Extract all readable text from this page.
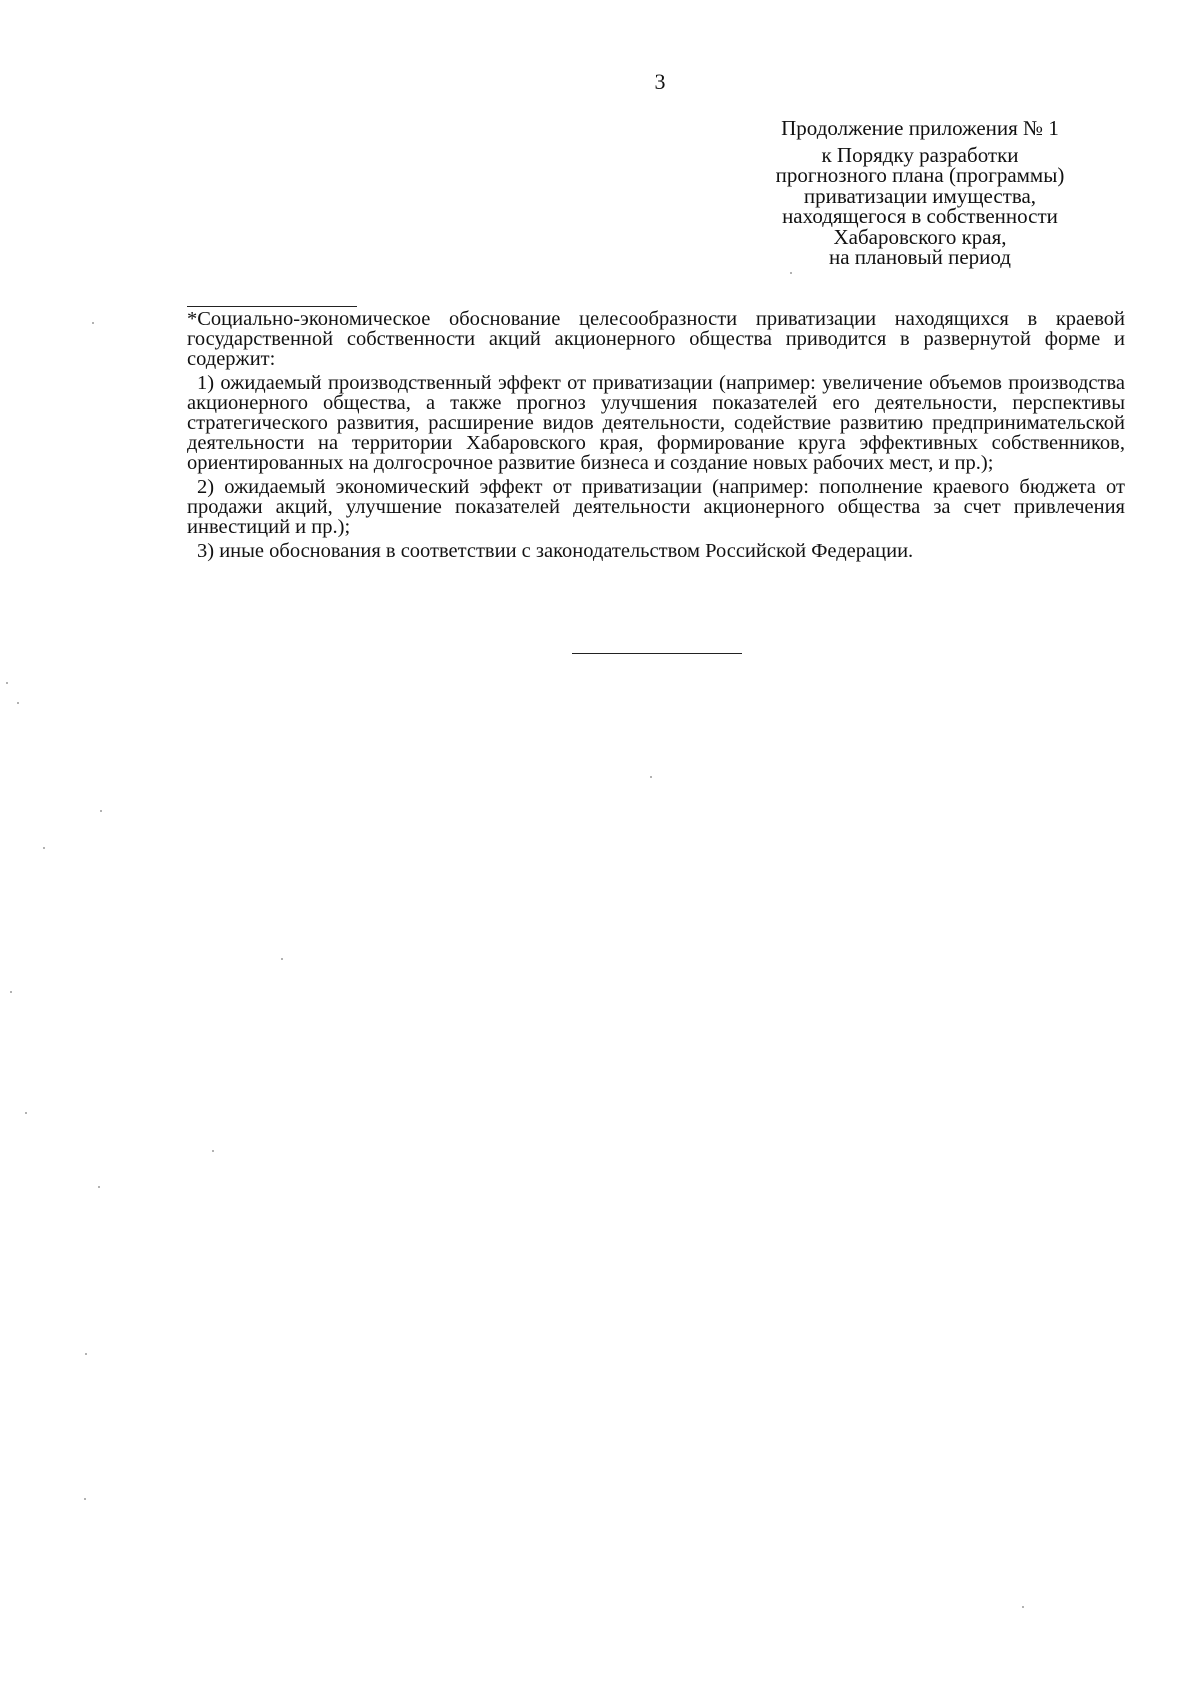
3
Продолжение приложения № 1
к Порядку разработки
прогнозного плана (программы)
приватизации имущества,
находящегося в собственности
Хабаровского края,
на плановый период

*Социально-экономическое обоснование целесообразности приватизации находящихся в краевой государственной собственности акций акционерного общества приводится в развернутой форме и содержит:

1) ожидаемый производственный эффект от приватизации (например: увеличение объемов производства акционерного общества, а также прогноз улучшения показателей его деятельности, перспективы стратегического развития, расширение видов деятельности, содействие развитию предпринимательской деятельности на территории Хабаровского края, формирование круга эффективных собственников, ориентированных на долгосрочное развитие бизнеса и создание новых рабочих мест, и пр.);

2) ожидаемый экономический эффект от приватизации (например: пополнение краевого бюджета от продажи акций, улучшение показателей деятельности акционерного общества за счет привлечения инвестиций и пр.);

3) иные обоснования в соответствии с законодательством Российской Федерации.
